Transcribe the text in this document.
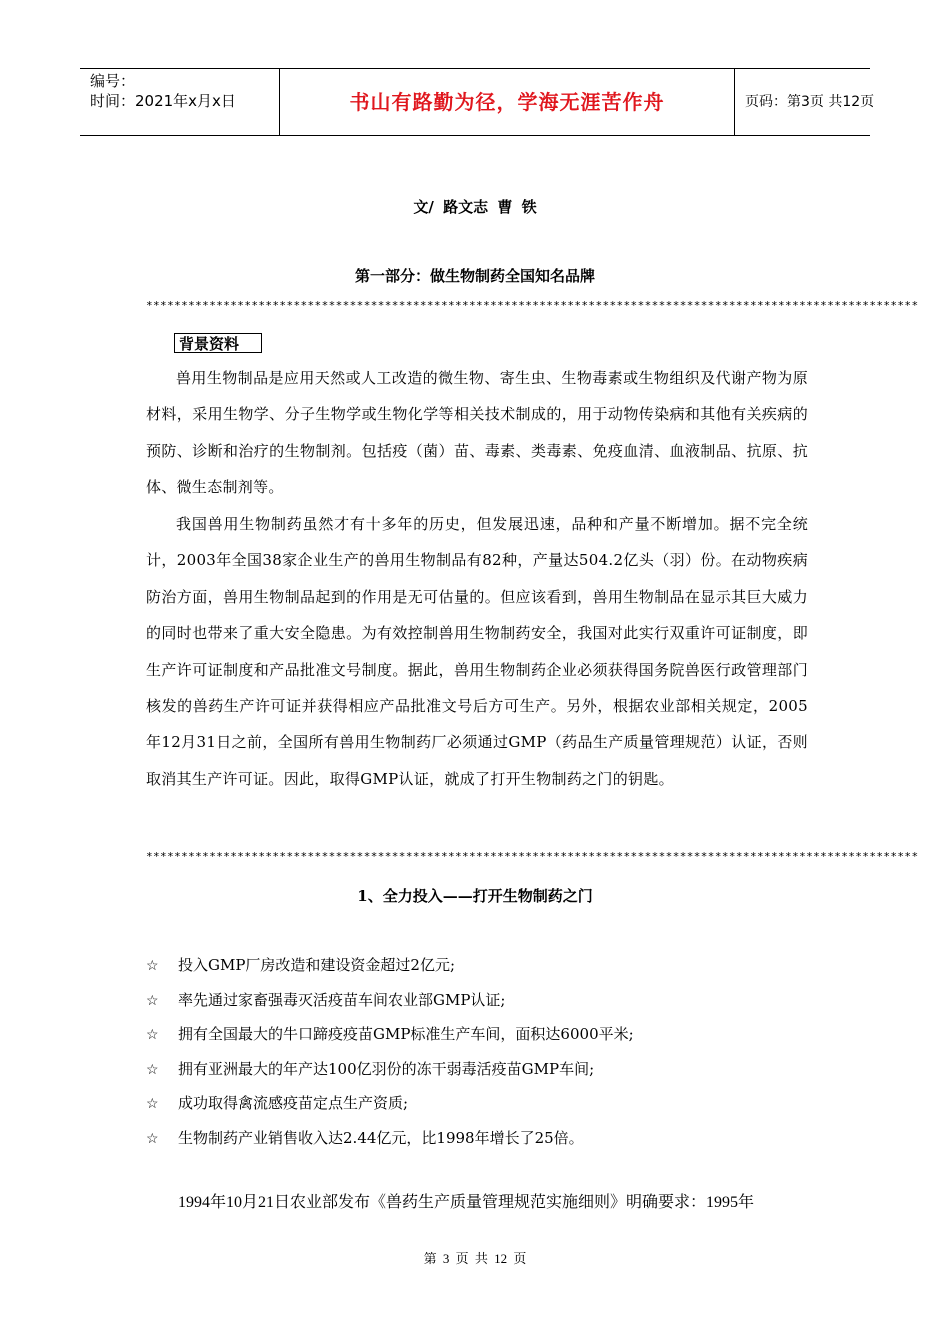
编号：
时间：2021年x月x日	书山有路勤为径，学海无涯苦作舟	页码：第3页 共12页
文/ 路文志 曹 铁
第一部分：做生物制药全国知名品牌
**************************************************************************************************************
背景资料

兽用生物制品是应用天然或人工改造的微生物、寄生虫、生物毒素或生物组织及代谢产物为原材料，采用生物学、分子生物学或生物化学等相关技术制成的，用于动物传染病和其他有关疾病的预防、诊断和治疗的生物制剂。包括疫（菌）苗、毒素、类毒素、免疫血清、血液制品、抗原、抗体、微生态制剂等。

我国兽用生物制药虽然才有十多年的历史，但发展迅速，品种和产量不断增加。据不完全统计，2003年全国38家企业生产的兽用生物制品有82种，产量达504.2亿头（羽）份。在动物疾病防治方面，兽用生物制品起到的作用是无可估量的。但应该看到，兽用生物制品在显示其巨大威力的同时也带来了重大安全隐患。为有效控制兽用生物制药安全，我国对此实行双重许可证制度，即生产许可证制度和产品批准文号制度。据此，兽用生物制药企业必须获得国务院兽医行政管理部门核发的兽药生产许可证并获得相应产品批准文号后方可生产。另外，根据农业部相关规定，2005年12月31日之前，全国所有兽用生物制药厂必须通过GMP（药品生产质量管理规范）认证，否则取消其生产许可证。因此，取得GMP认证，就成了打开生物制药之门的钥匙。

**************************************************************************************************************
1、全力投入——打开生物制药之门
☆ 投入GMP厂房改造和建设资金超过2亿元;
☆ 率先通过家畜强毒灭活疫苗车间农业部GMP认证;
☆ 拥有全国最大的牛口蹄疫疫苗GMP标准生产车间，面积达6000平米;
☆ 拥有亚洲最大的年产达100亿羽份的冻干弱毒活疫苗GMP车间;
☆ 成功取得禽流感疫苗定点生产资质;
☆ 生物制药产业销售收入达2.44亿元，比1998年增长了25倍。

1994年10月21日农业部发布《兽药生产质量管理规范实施细则》明确要求：1995年

第 3 页 共 12 页
